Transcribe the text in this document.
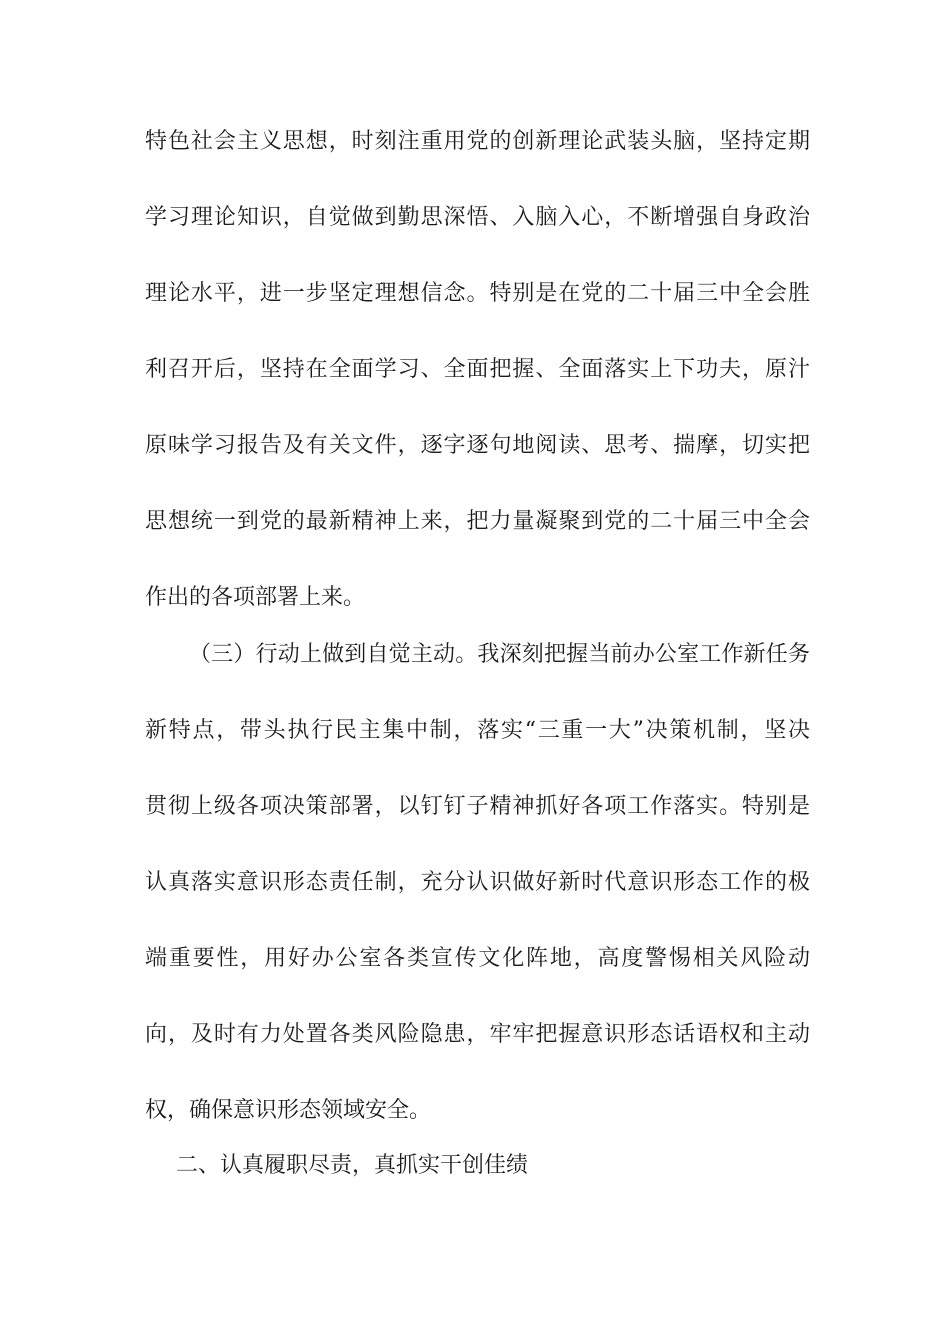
特色社会主义思想，时刻注重用党的创新理论武装头脑，坚持定期
学习理论知识，自觉做到勤思深悟、入脑入心，不断增强自身政治
理论水平，进一步坚定理想信念。特别是在党的二十届三中全会胜
利召开后，坚持在全面学习、全面把握、全面落实上下功夫，原汁
原味学习报告及有关文件，逐字逐句地阅读、思考、揣摩，切实把
思想统一到党的最新精神上来，把力量凝聚到党的二十届三中全会
作出的各项部署上来。
（三）行动上做到自觉主动。我深刻把握当前办公室工作新任务
新特点，带头执行民主集中制，落实“三重一大”决策机制，坚决
贯彻上级各项决策部署，以钉钉子精神抓好各项工作落实。特别是
认真落实意识形态责任制，充分认识做好新时代意识形态工作的极
端重要性，用好办公室各类宣传文化阵地，高度警惕相关风险动
向，及时有力处置各类风险隐患，牢牢把握意识形态话语权和主动
权，确保意识形态领域安全。
二、认真履职尽责，真抓实干创佳绩
